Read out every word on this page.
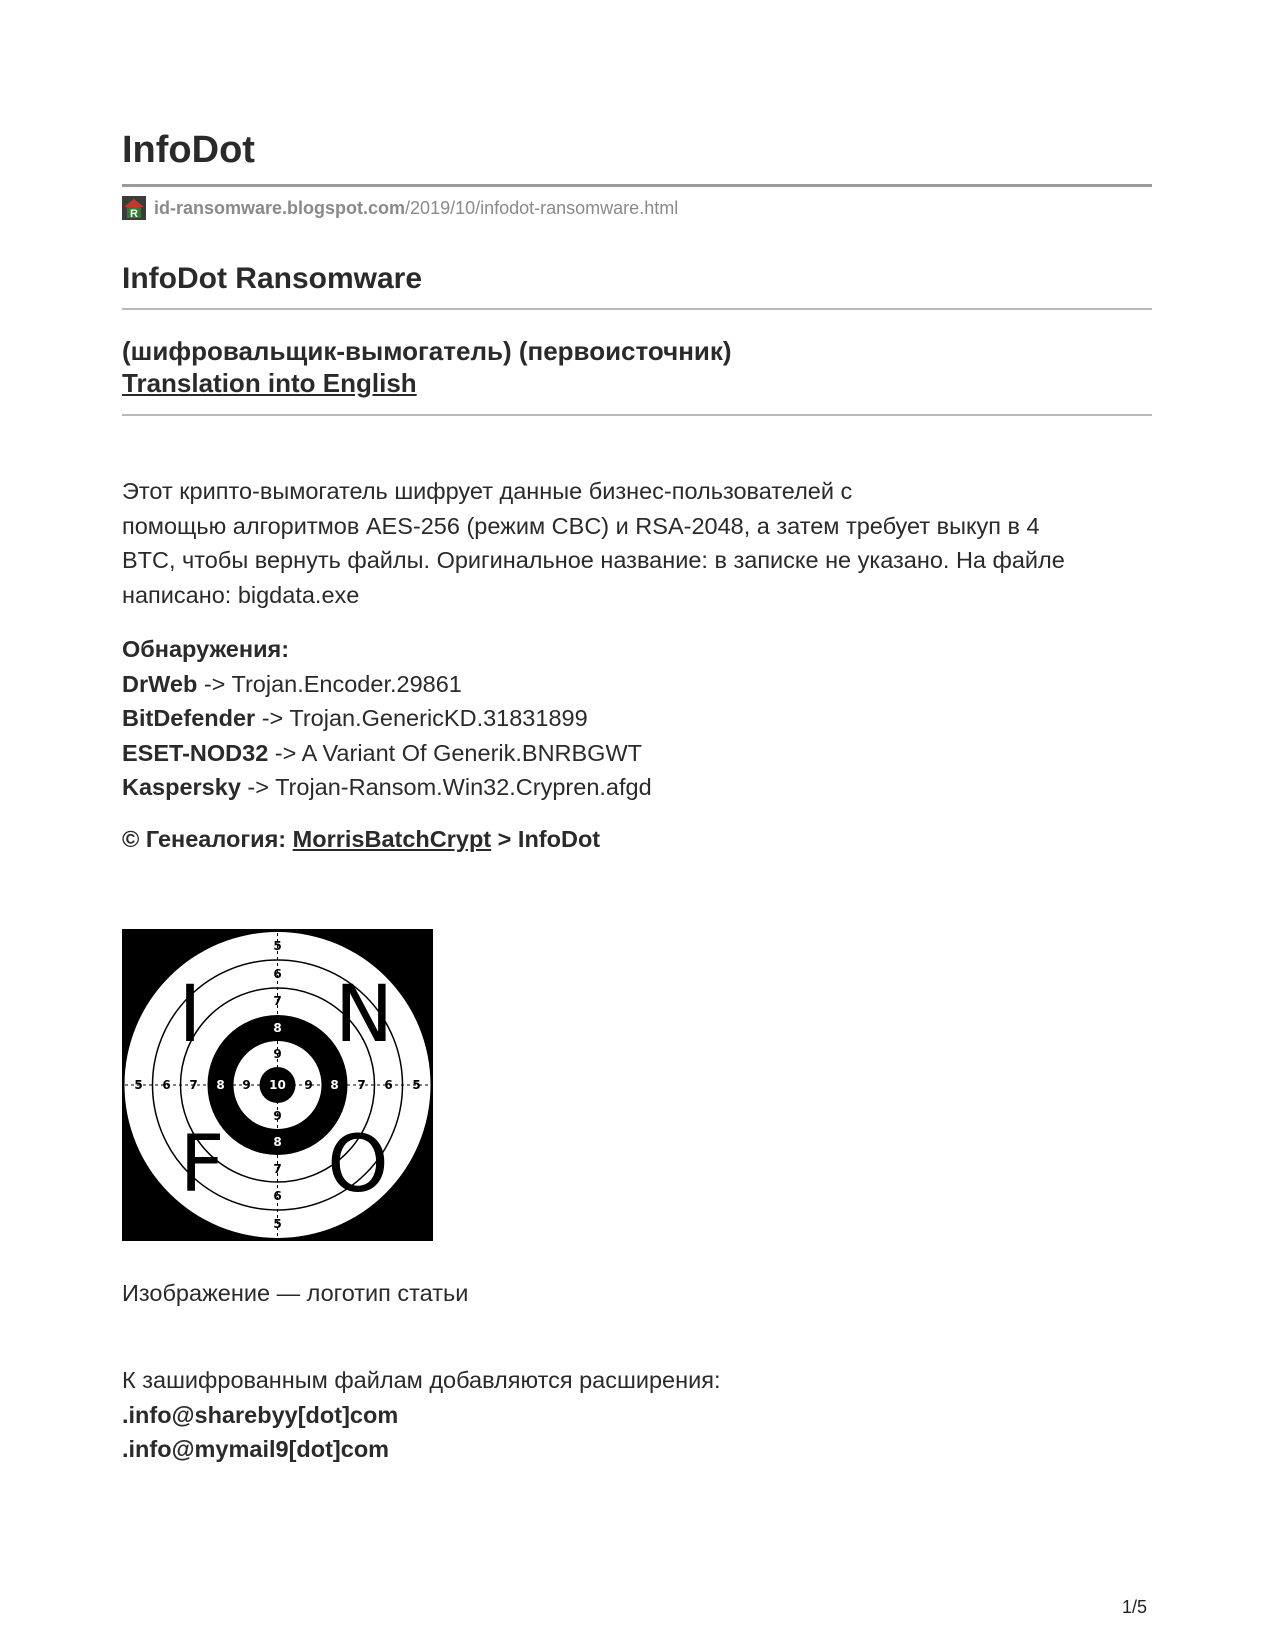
InfoDot
R id-ransomware.blogspot.com /2019/10/infodot-ransomware.html
InfoDot Ransomware
(шифровальщик-вымогатель) (первоисточник)
Translation into English

Этот крипто-вымогатель шифрует данные бизнес-пользователей с
помощью алгоритмов AES-256 (режим CBC) и RSA-2048, а затем требует выкуп в 4
BTC, чтобы вернуть файлы. Оригинальное название: в записке не указано. На файле
написано: bigdata.exe

Обнаружения:
DrWeb -> Trojan.Encoder.29861
BitDefender -> Trojan.GenericKD.31831899
ESET-NOD32 -> A Variant Of Generik.BNRBGWT
Kaspersky -> Trojan-Ransom.Win32.Crypren.afgd
© Генеалогия: MorrisBatchCrypt > InfoDot
I N
F O
5
5
5	5
6
6
6	6
7
7
7	7
8
8
8	8
9
9
9	9
10
Изображение — логотип статьи
К зашифрованным файлам добавляются расширения:
.info@sharebyy[dot]com
.info@mymail9[dot]com
1/5
